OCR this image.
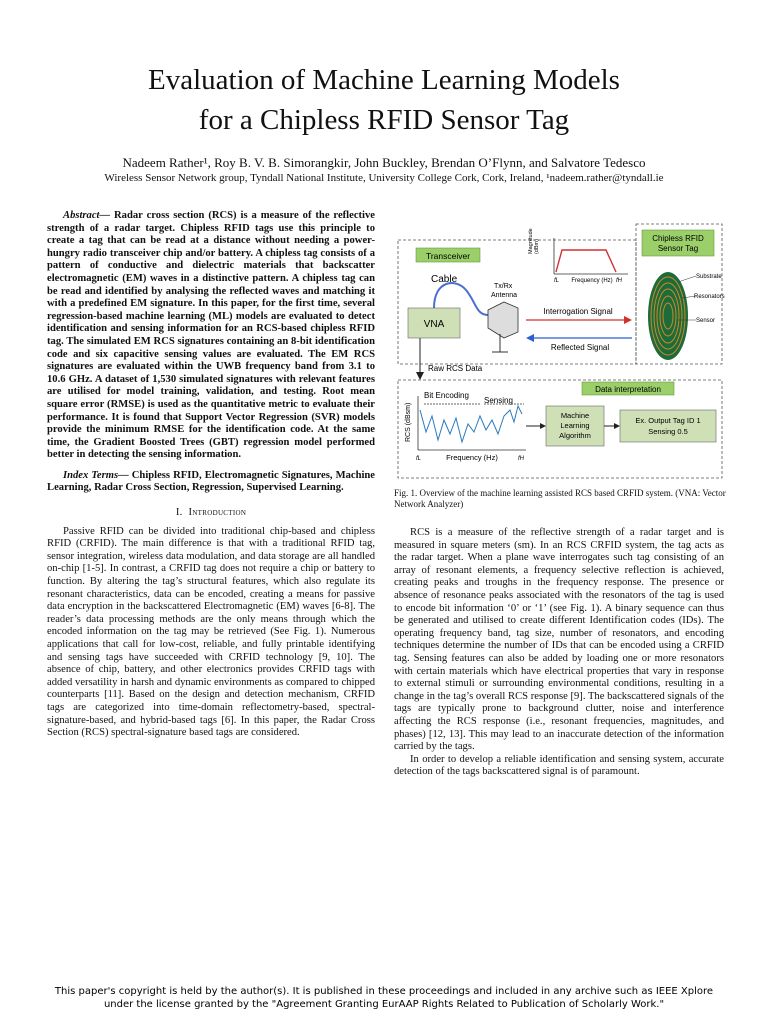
Evaluation of Machine Learning Models
for a Chipless RFID Sensor Tag
Nadeem Rather¹, Roy B. V. B. Simorangkir, John Buckley, Brendan O’Flynn, and Salvatore Tedesco
Wireless Sensor Network group, Tyndall National Institute, University College Cork, Cork, Ireland, ¹nadeem.rather@tyndall.ie

Abstract— Radar cross section (RCS) is a measure of the reflective strength of a radar target. Chipless RFID tags use this principle to create a tag that can be read at a distance without needing a power-hungry radio transceiver chip and/or battery. A chipless tag consists of a pattern of conductive and dielectric materials that backscatter electromagnetic (EM) waves in a distinctive pattern. A chipless tag can be read and identified by analysing the reflected waves and matching it with a predefined EM signature. In this paper, for the first time, several regression-based machine learning (ML) models are evaluated to detect identification and sensing information for an RCS-based chipless RFID tag. The simulated EM RCS signatures containing an 8-bit identification code and six capacitive sensing values are evaluated. The EM RCS signatures are evaluated within the UWB frequency band from 3.1 to 10.6 GHz. A dataset of 1,530 simulated signatures with relevant features are utilised for model training, validation, and testing. Root mean square error (RMSE) is used as the quantitative metric to evaluate their performance. It is found that Support Vector Regression (SVR) models provide the minimum RMSE for the identification code. At the same time, the Gradient Boosted Trees (GBT) regression model performed better in detecting the sensing information.

Index Terms— Chipless RFID, Electromagnetic Signatures, Machine Learning, Radar Cross Section, Regression, Supervised Learning.

I. Introduction

Passive RFID can be divided into traditional chip-based and chipless RFID (CRFID). The main difference is that with a traditional RFID tag, sensor integration, wireless data modulation, and data storage are all handled on-chip [1-5]. In contrast, a CRFID tag does not require a chip or battery to function. By altering the tag’s structural features, which also regulate its resonant characteristics, data can be encoded, creating a means for passive data encryption in the backscattered Electromagnetic (EM) waves [6-8]. The reader’s data processing methods are the only means through which the encoded information on the tag may be retrieved (See Fig. 1). Numerous applications that call for low-cost, reliable, and fully printable identifying and sensing tags have succeeded with CRFID technology [9, 10]. The absence of chip, battery, and other electronics provides CRFID tags with added versatility in harsh and dynamic environments as compared to chipped counterparts [11]. Based on the design and detection mechanism, CRFID tags are categorized into time-domain reflectometry-based, spectral-signature-based, and hybrid-based tags [6]. In this paper, the Radar Cross Section (RCS) spectral-signature based tags are considered.

Transceiver
Cable
VNA
Tx/Rx
Antenna
Magnitude (dBm)
Frequency (Hz)
fL	fH
Interrogation Signal
Reflected Signal
Chipless RFID
Sensor Tag
Substrate
Resonators
Sensor
Raw RCS Data
Data interpretation
Bit Encoding
Sensing
RCS (dBsm)
Frequency (Hz)
fL	fH
Machine
Learning
Algorithm
Ex. Output Tag ID 1
Sensing 0.5
Fig. 1. Overview of the machine learning assisted RCS based CRFID system. (VNA: Vector Network Analyzer)

RCS is a measure of the reflective strength of a radar target and is measured in square meters (sm). In an RCS CRFID system, the tag acts as the radar target. When a plane wave interrogates such tag consisting of an array of resonant elements, a frequency selective reflection is achieved, creating peaks and troughs in the frequency response. The presence or absence of resonance peaks associated with the resonators of the tag is used to encode bit information ‘0’ or ‘1’ (see Fig. 1). A binary sequence can thus be generated and utilised to create different Identification codes (IDs). The operating frequency band, tag size, number of resonators, and encoding techniques determine the number of IDs that can be encoded using a CRFID tag. Sensing features can also be added by loading one or more resonators with certain materials which have electrical properties that vary in response to external stimuli or surrounding environmental conditions, resulting in a change in the tag’s overall RCS response [9]. The backscattered signals of the tags are typically prone to background clutter, noise and interference affecting the RCS response (i.e., resonant frequencies, magnitudes, and phases) [12, 13]. This may lead to an inaccurate detection of the information carried by the tags.

In order to develop a reliable identification and sensing system, accurate detection of the tags backscattered signal is of paramount.

This paper's copyright is held by the author(s). It is published in these proceedings and included in any archive such as IEEE Xplore
under the license granted by the "Agreement Granting EurAAP Rights Related to Publication of Scholarly Work."
